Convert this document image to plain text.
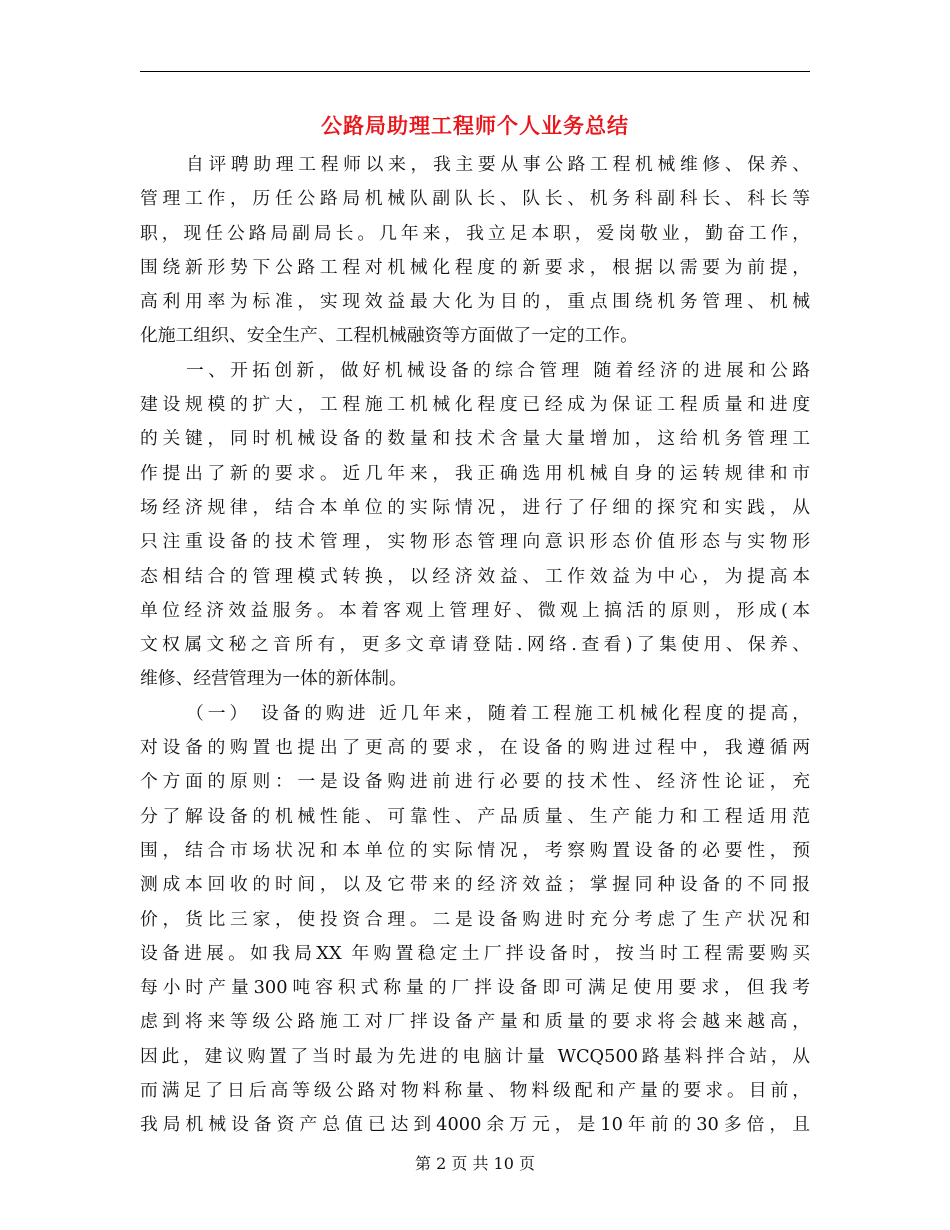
公路局助理工程师个人业务总结
自评聘助理工程师以来，我主要从事公路工程机械维修、保养、
管理工作，历任公路局机械队副队长、队长、机务科副科长、科长等
职，现任公路局副局长。几年来，我立足本职，爱岗敬业，勤奋工作，
围绕新形势下公路工程对机械化程度的新要求，根据以需要为前提，
高利用率为标准，实现效益最大化为目的，重点围绕机务管理、机械
化施工组织、安全生产、工程机械融资等方面做了一定的工作。
一、开拓创新，做好机械设备的综合管理 随着经济的进展和公路
建设规模的扩大，工程施工机械化程度已经成为保证工程质量和进度
的关键，同时机械设备的数量和技术含量大量增加，这给机务管理工
作提出了新的要求。近几年来，我正确选用机械自身的运转规律和市
场经济规律，结合本单位的实际情况，进行了仔细的探究和实践，从
只注重设备的技术管理，实物形态管理向意识形态价值形态与实物形
态相结合的管理模式转换，以经济效益、工作效益为中心，为提高本
单位经济效益服务。本着客观上管理好、微观上搞活的原则，形成(本
文权属文秘之音所有，更多文章请登陆.网络.查看)了集使用、保养、
维修、经营管理为一体的新体制。
（一） 设备的购进 近几年来，随着工程施工机械化程度的提高，
对设备的购置也提出了更高的要求，在设备的购进过程中，我遵循两
个方面的原则：一是设备购进前进行必要的技术性、经济性论证，充
分了解设备的机械性能、可靠性、产品质量、生产能力和工程适用范
围，结合市场状况和本单位的实际情况，考察购置设备的必要性，预
测成本回收的时间，以及它带来的经济效益；掌握同种设备的不同报
价，货比三家，使投资合理。二是设备购进时充分考虑了生产状况和
设备进展。如我局XX 年购置稳定土厂拌设备时，按当时工程需要购买
每小时产量300吨容积式称量的厂拌设备即可满足使用要求，但我考
虑到将来等级公路施工对厂拌设备产量和质量的要求将会越来越高，
因此，建议购置了当时最为先进的电脑计量 WCQ500路基料拌合站，从
而满足了日后高等级公路对物料称量、物料级配和产量的要求。目前，
我局机械设备资产总值已达到4000余万元，是10年前的30多倍，且
第 2 页 共 10 页
